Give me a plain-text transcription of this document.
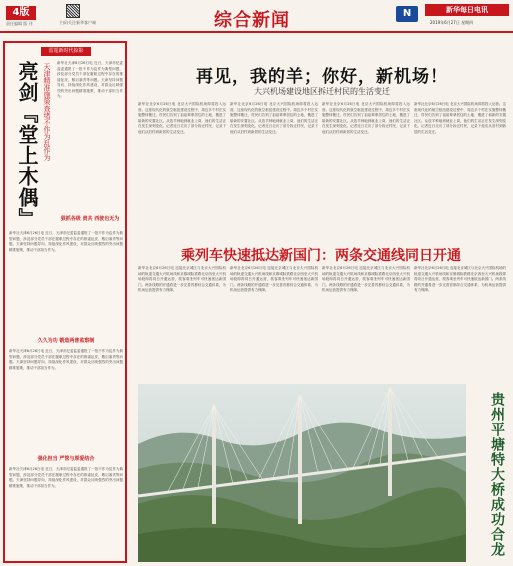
4版
责任编辑 版 刊	扫码关注新华客户端	综合新闻	N	新华每日电讯
2019年6月27日 星期四
雷霆新时代掠影
亮剑『堂上木偶』 天津精准施策查堵不作为乱作为	新华社天津6月26日电 近日，天津市纪委监委通报了一批不作为乱作为典型问题，涉及部分党员干部在履职过程中存在的推诿扯皮、敷衍塞责等问题。天津坚持问题导向，持续深化作风建设，对群众反映强烈的突出问题精准施策，推动干部担当作为。
狠抓各级 责共 西驶也无为
新华社天津6月26日电 近日，天津市纪委监委通报了一批不作为乱作为典型问题，涉及部分党员干部在履职过程中存在的推诿扯皮、敷衍塞责等问题。天津坚持问题导向，持续深化作风建设，对群众反映强烈的突出问题精准施策，推动干部担当作为。
久久为功 锻造两普监察制
新华社天津6月26日电 近日，天津市纪委监委通报了一批不作为乱作为典型问题，涉及部分党员干部在履职过程中存在的推诿扯皮、敷衍塞责等问题。天津坚持问题导向，持续深化作风建设，对群众反映强烈的突出问题精准施策，推动干部担当作为。
强化担当 严管与厚爱结合
新华社天津6月26日电 近日，天津市纪委监委通报了一批不作为乱作为典型问题，涉及部分党员干部在履职过程中存在的推诿扯皮、敷衍塞责等问题。天津坚持问题导向，持续深化作风建设，对群众反映强烈的突出问题精准施策，推动干部担当作为。
再见，我的羊；你好，新机场！
大兴机场建设地区拆迁村民的生活变迁
新华社北京6月26日电 北京大兴国际机场即将投入运营。这座现代化的航空枢纽建设过程中，周边多个村庄实施整体搬迁，村民们告别了祖祖辈辈居住的土地，搬进了崭新的安置社区。从放羊种地到就业上岗，他们的生活正在发生深刻变化。记者近日走访了部分拆迁村民，记录下他们从旧村到新居的生活变迁。
新华社北京6月26日电 北京大兴国际机场即将投入运营。这座现代化的航空枢纽建设过程中，周边多个村庄实施整体搬迁，村民们告别了祖祖辈辈居住的土地，搬进了崭新的安置社区。从放羊种地到就业上岗，他们的生活正在发生深刻变化。记者近日走访了部分拆迁村民，记录下他们从旧村到新居的生活变迁。
新华社北京6月26日电 北京大兴国际机场即将投入运营。这座现代化的航空枢纽建设过程中，周边多个村庄实施整体搬迁，村民们告别了祖祖辈辈居住的土地，搬进了崭新的安置社区。从放羊种地到就业上岗，他们的生活正在发生深刻变化。记者近日走访了部分拆迁村民，记录下他们从旧村到新居的生活变迁。
新华社北京6月26日电 北京大兴国际机场即将投入运营。这座现代化的航空枢纽建设过程中，周边多个村庄实施整体搬迁，村民们告别了祖祖辈辈居住的土地，搬进了崭新的安置社区。从放羊种地到就业上岗，他们的生活正在发生深刻变化。记者近日走访了部分拆迁村民，记录下他们从旧村到新居的生活变迁。
乘列车快速抵达新国门：两条交通线同日开通
新华社北京6月26日电 连接北京城区与北京大兴国际机场的轨道交通大兴机场线和京雄城际铁路北京西至大兴机场段即将同日开通运营，旅客乘坐列车可快速抵达新国门。两条线路的开通将进一步完善首都综合交通体系，为机场运营提供有力保障。
新华社北京6月26日电 连接北京城区与北京大兴国际机场的轨道交通大兴机场线和京雄城际铁路北京西至大兴机场段即将同日开通运营，旅客乘坐列车可快速抵达新国门。两条线路的开通将进一步完善首都综合交通体系，为机场运营提供有力保障。
新华社北京6月26日电 连接北京城区与北京大兴国际机场的轨道交通大兴机场线和京雄城际铁路北京西至大兴机场段即将同日开通运营，旅客乘坐列车可快速抵达新国门。两条线路的开通将进一步完善首都综合交通体系，为机场运营提供有力保障。
新华社北京6月26日电 连接北京城区与北京大兴国际机场的轨道交通大兴机场线和京雄城际铁路北京西至大兴机场段即将同日开通运营，旅客乘坐列车可快速抵达新国门。两条线路的开通将进一步完善首都综合交通体系，为机场运营提供有力保障。
贵州平塘特大桥成功合龙
